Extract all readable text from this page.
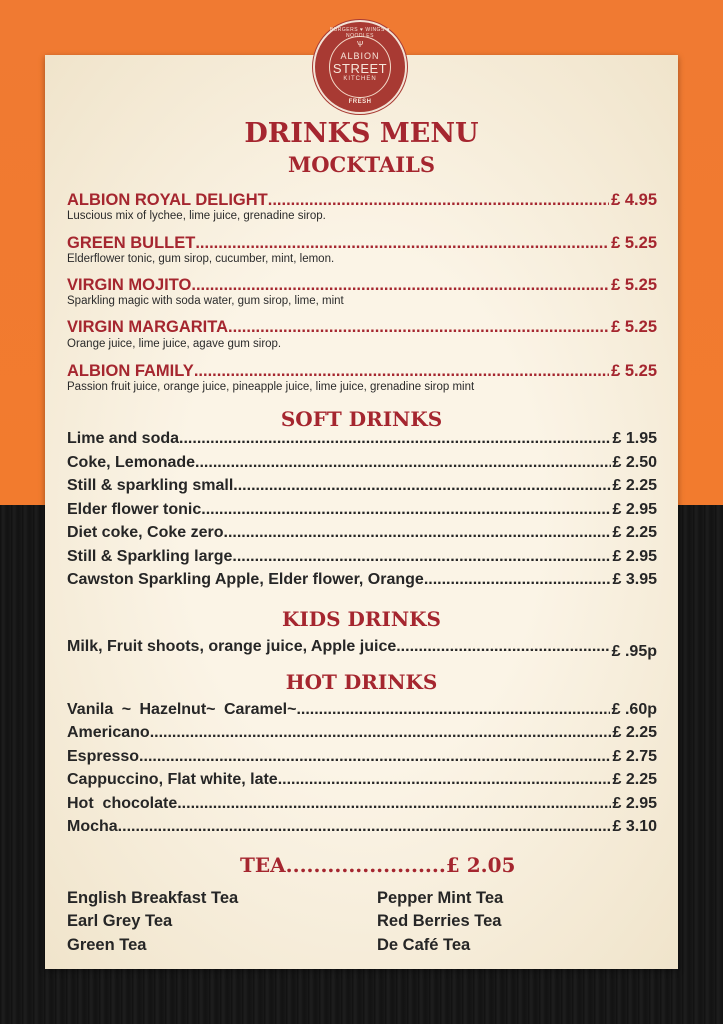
BURGERS ♥ WINGS ♥ NOODLES
Ѱ
ALBION
STREET
KITCHEN
FRESH
DRINKS MENU
MOCKTAILS
ALBION ROYAL DELIGHT .....	£ 4.95
Luscious mix of lychee, lime juice, grenadine sirop.
GREEN BULLET .....	£ 5.25
Elderflower tonic, gum sirop, cucumber, mint, lemon.
VIRGIN MOJITO .....	£ 5.25
Sparkling magic with soda water, gum sirop, lime, mint
VIRGIN MARGARITA .....	£ 5.25
Orange juice, lime juice, agave gum sirop.
ALBION FAMILY .....	£ 5.25
Passion fruit juice, orange juice, pineapple juice, lime juice, grenadine sirop mint
SOFT DRINKS
Lime and soda .....	£ 1.95
Coke, Lemonade .....	£ 2.50
Still & sparkling small .....	£ 2.25
Elder flower tonic .....	£ 2.95
Diet coke, Coke zero .....	£ 2.25
Still & Sparkling large .....	£ 2.95
Cawston Sparkling Apple, Elder flower, Orange .....	£ 3.95
KIDS DRINKS
Milk, Fruit shoots, orange juice, Apple juice .....	£ .95p
HOT DRINKS
Vanila ~ Hazelnut~ Caramel~ .....	£ .60p
Americano .....	£ 2.25
Espresso .....	£ 2.75
Cappuccino, Flat white, late .....	£ 2.25
Hot  chocolate .....	£ 2.95
Mocha .....	£ 3.10
TEA ....................... £ 2.05
English Breakfast Tea
Earl Grey Tea
Green Tea
Pepper Mint Tea
Red Berries Tea
De Café Tea
